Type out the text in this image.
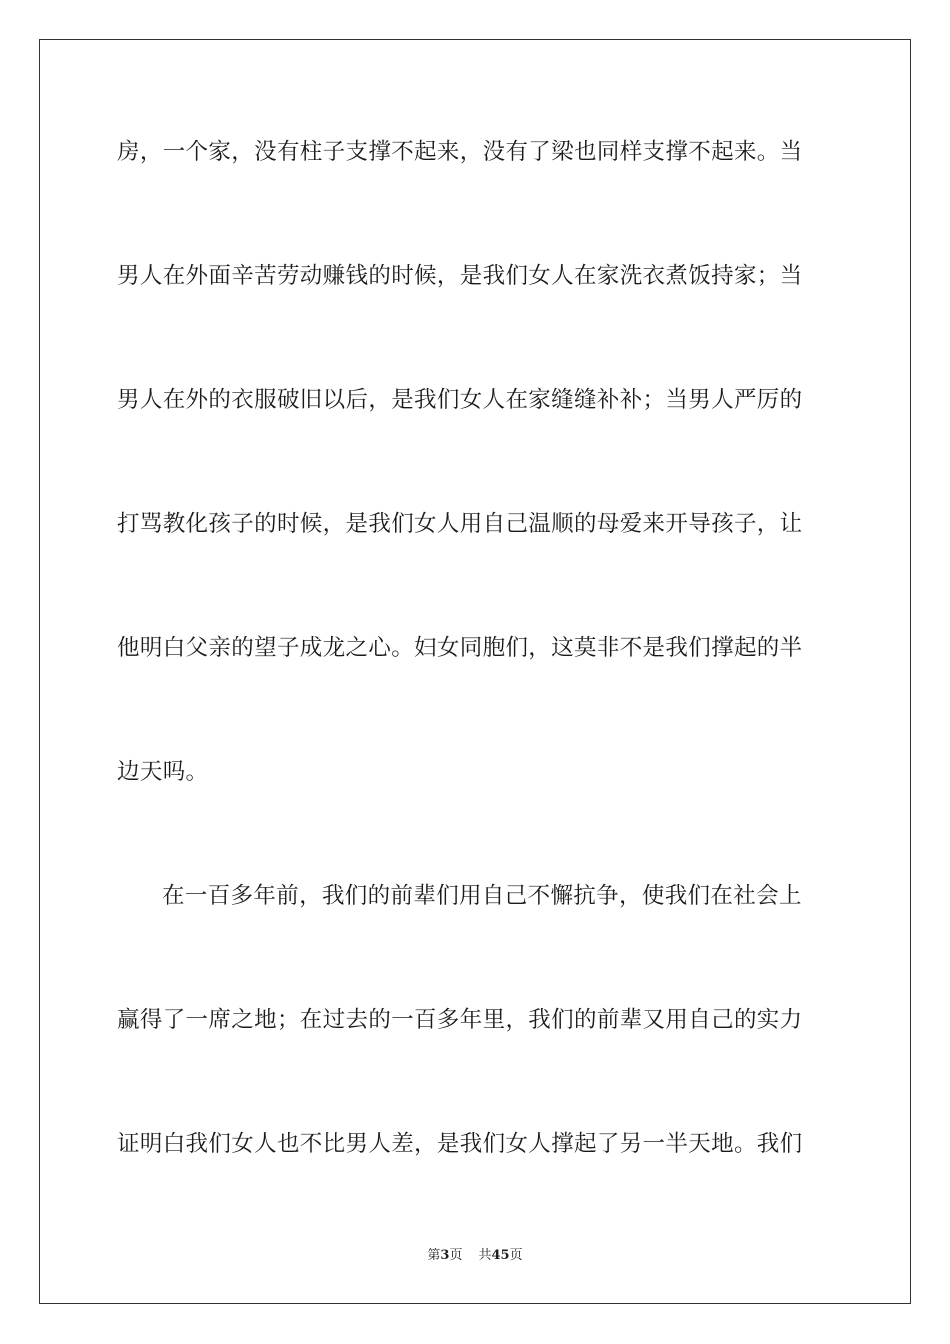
房，一个家，没有柱子支撑不起来，没有了梁也同样支撑不起来。当
男人在外面辛苦劳动赚钱的时候，是我们女人在家洗衣煮饭持家；当
男人在外的衣服破旧以后，是我们女人在家缝缝补补；当男人严厉的
打骂教化孩子的时候，是我们女人用自己温顺的母爱来开导孩子，让
他明白父亲的望子成龙之心。妇女同胞们，这莫非不是我们撑起的半
边天吗。
在一百多年前，我们的前辈们用自己不懈抗争，使我们在社会上
赢得了一席之地；在过去的一百多年里，我们的前辈又用自己的实力
证明白我们女人也不比男人差，是我们女人撑起了另一半天地。我们
第3页 共45页
